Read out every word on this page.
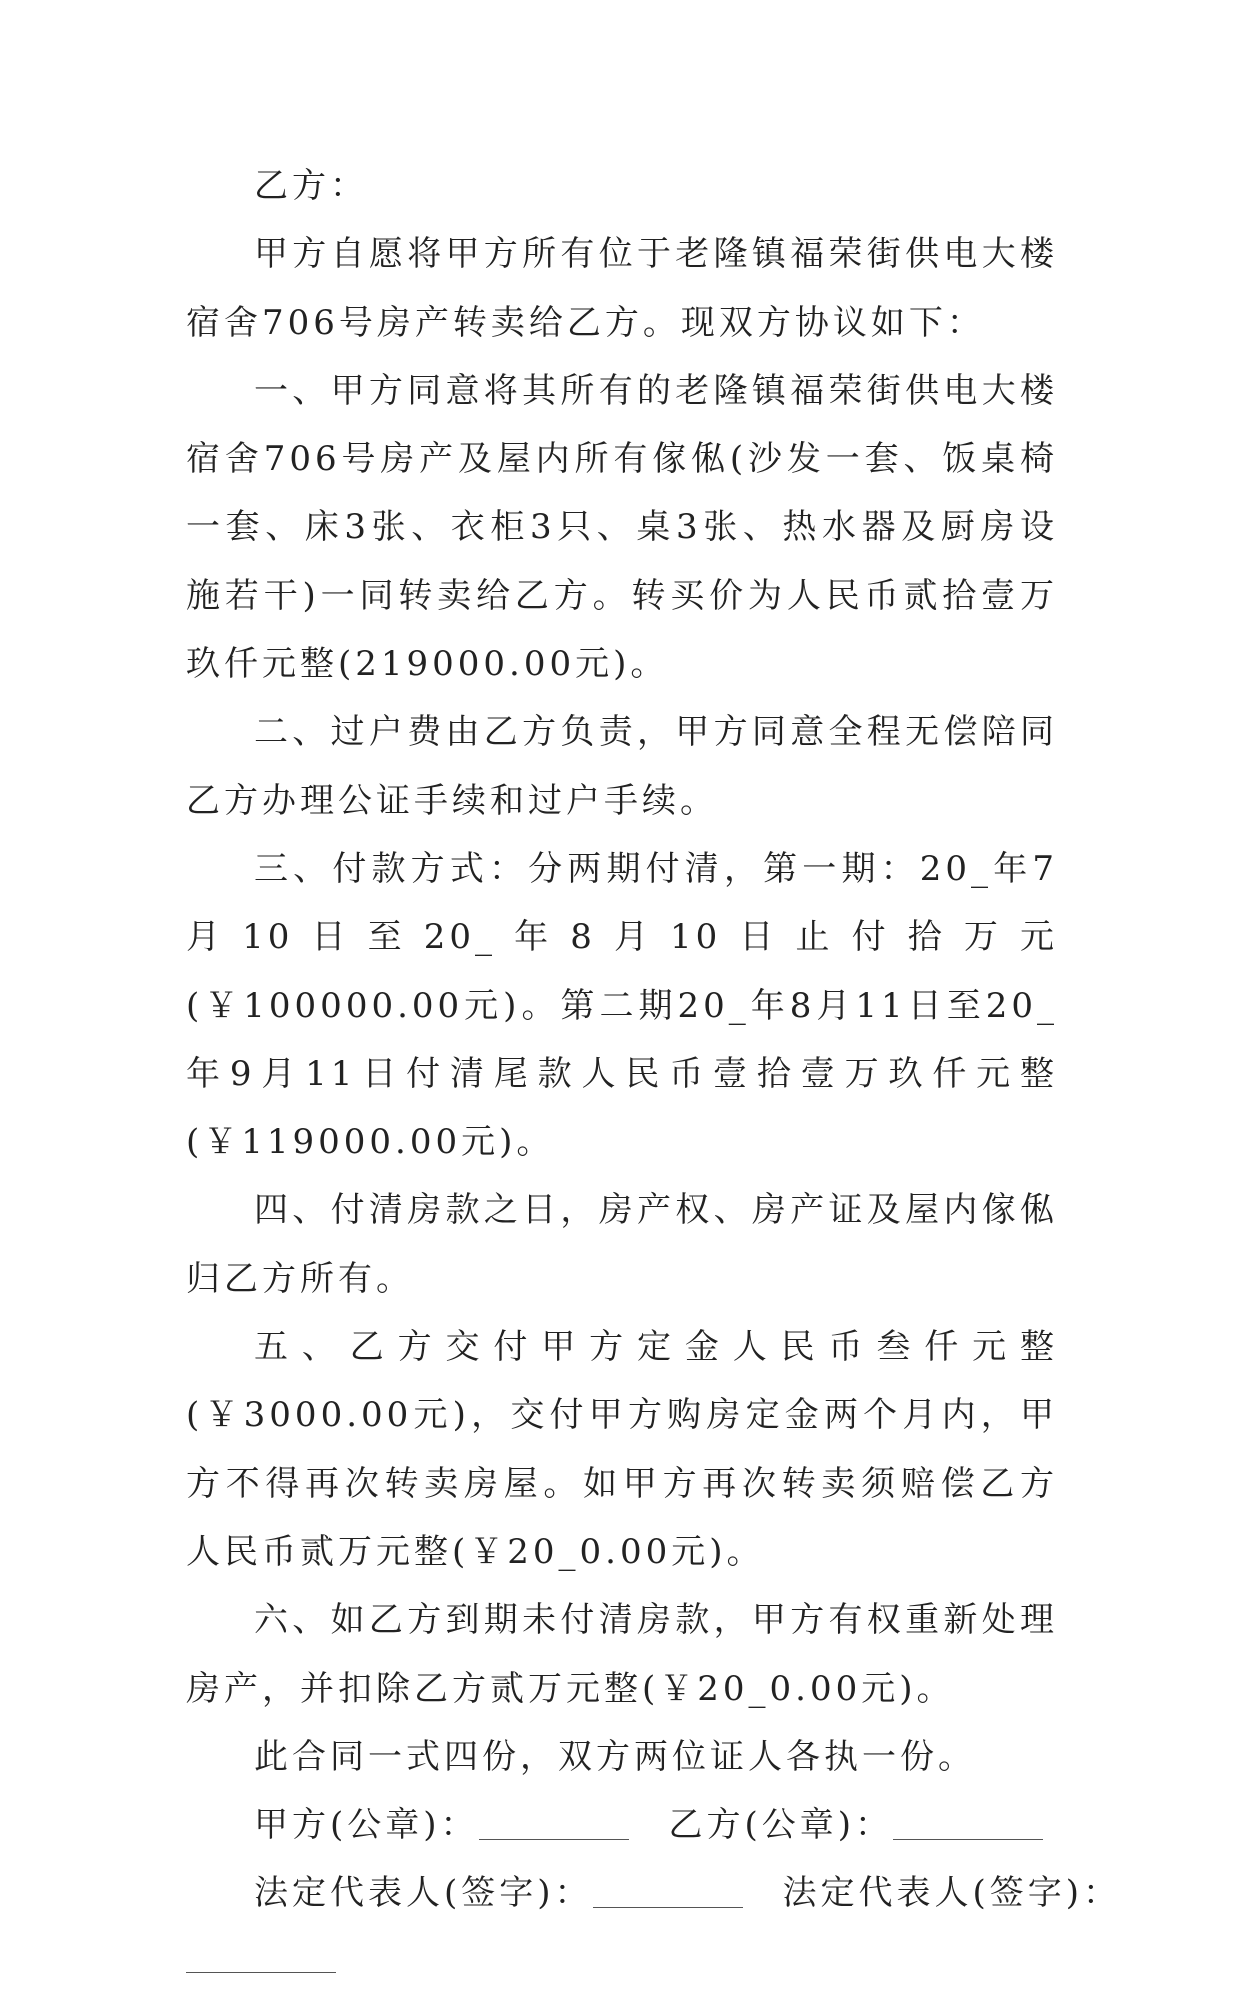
乙方：

甲方自愿将甲方所有位于老隆镇福荣街供电大楼宿舍706号房产转卖给乙方。现双方协议如下：

一、甲方同意将其所有的老隆镇福荣街供电大楼宿舍706号房产及屋内所有傢俬(沙发一套、饭桌椅一套、床3张、衣柜3只、桌3张、热水器及厨房设施若干)一同转卖给乙方。转买价为人民币贰拾壹万玖仟元整(219000.00元)。

二、过户费由乙方负责，甲方同意全程无偿陪同乙方办理公证手续和过户手续。

三、付款方式：分两期付清，第一期：20_年7月10日至20_年8月10日止付拾万元(￥100000.00元)。第二期20_年8月11日至20_年9月11日付清尾款人民币壹拾壹万玖仟元整(￥119000.00元)。

四、付清房款之日，房产权、房产证及屋内傢俬归乙方所有。

五、乙方交付甲方定金人民币叁仟元整(￥3000.00元)，交付甲方购房定金两个月内，甲方不得再次转卖房屋。如甲方再次转卖须赔偿乙方人民币贰万元整(￥20_0.00元)。

六、如乙方到期未付清房款，甲方有权重新处理房产，并扣除乙方贰万元整(￥20_0.00元)。

此合同一式四份，双方两位证人各执一份。

甲方(公章)：	乙方(公章)：

法定代表人(签字)：	法定代表人(签字)：
